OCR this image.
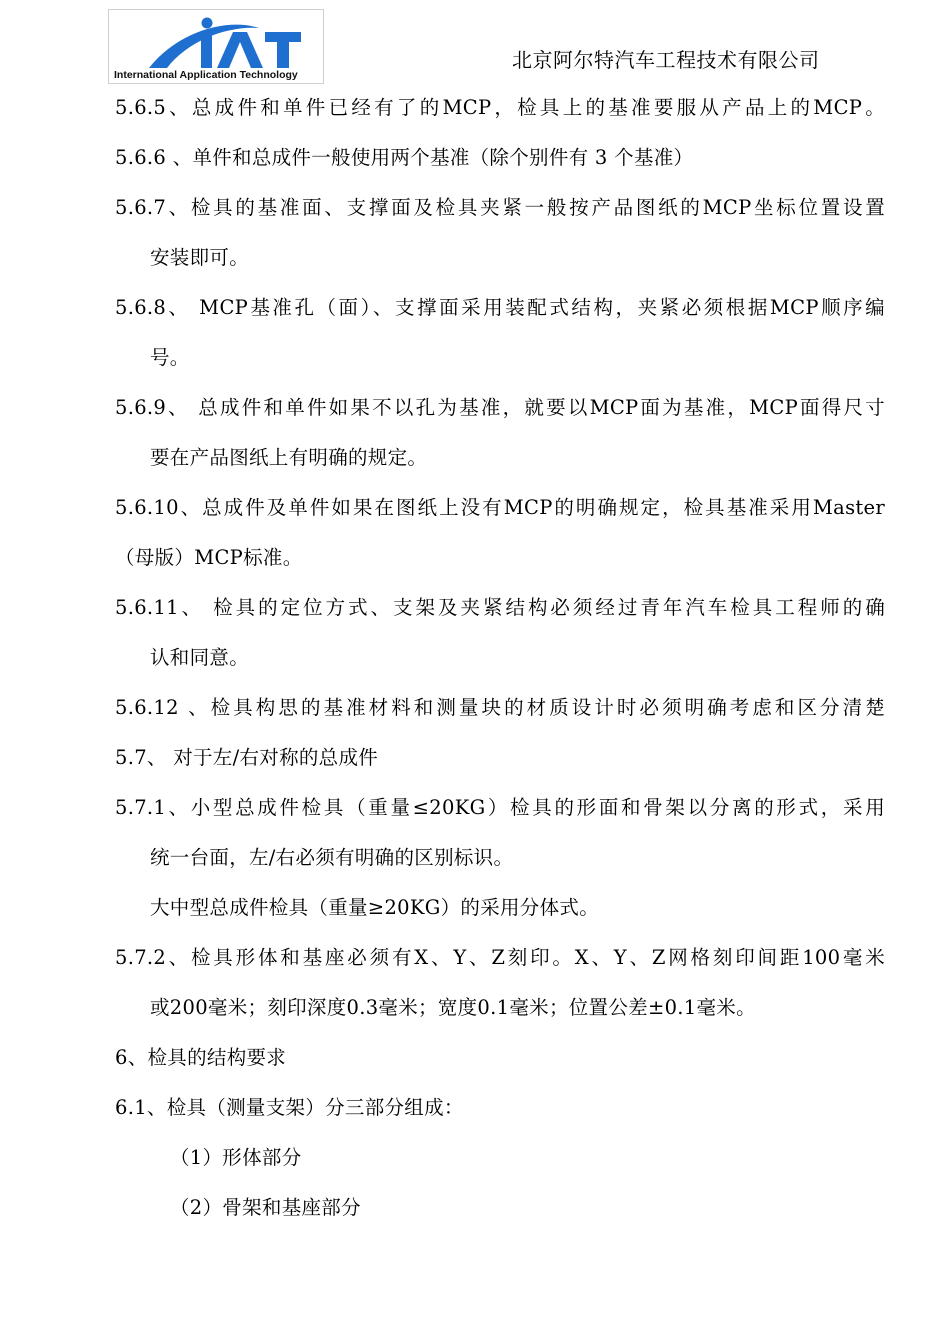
International Application Technology
北京阿尔特汽车工程技术有限公司
5.6.5、总成件和单件已经有了的MCP，检具上的基准要服从产品上的MCP。
5.6.6 、单件和总成件一般使用两个基准（除个别件有 3 个基准）
5.6.7、检具的基准面、支撑面及检具夹紧一般按产品图纸的MCP坐标位置设置
安装即可。
5.6.8、 MCP基准孔（面）、支撑面采用装配式结构，夹紧必须根据MCP顺序编
号。
5.6.9、 总成件和单件如果不以孔为基准，就要以MCP面为基准，MCP面得尺寸
要在产品图纸上有明确的规定。
5.6.10、总成件及单件如果在图纸上没有MCP的明确规定，检具基准采用Master
（母版）MCP标准。
5.6.11、 检具的定位方式、支架及夹紧结构必须经过青年汽车检具工程师的确
认和同意。
5.6.12 、检具构思的基准材料和测量块的材质设计时必须明确考虑和区分清楚
5.7、 对于左/右对称的总成件
5.7.1、小型总成件检具（重量≤20KG）检具的形面和骨架以分离的形式，采用
统一台面，左/右必须有明确的区别标识。
大中型总成件检具（重量≥20KG）的采用分体式。
5.7.2、检具形体和基座必须有X、Y、Z刻印。X、Y、Z网格刻印间距100毫米
或200毫米；刻印深度0.3毫米；宽度0.1毫米；位置公差±0.1毫米。
6、检具的结构要求
6.1、检具（测量支架）分三部分组成：
（1）形体部分
（2）骨架和基座部分
